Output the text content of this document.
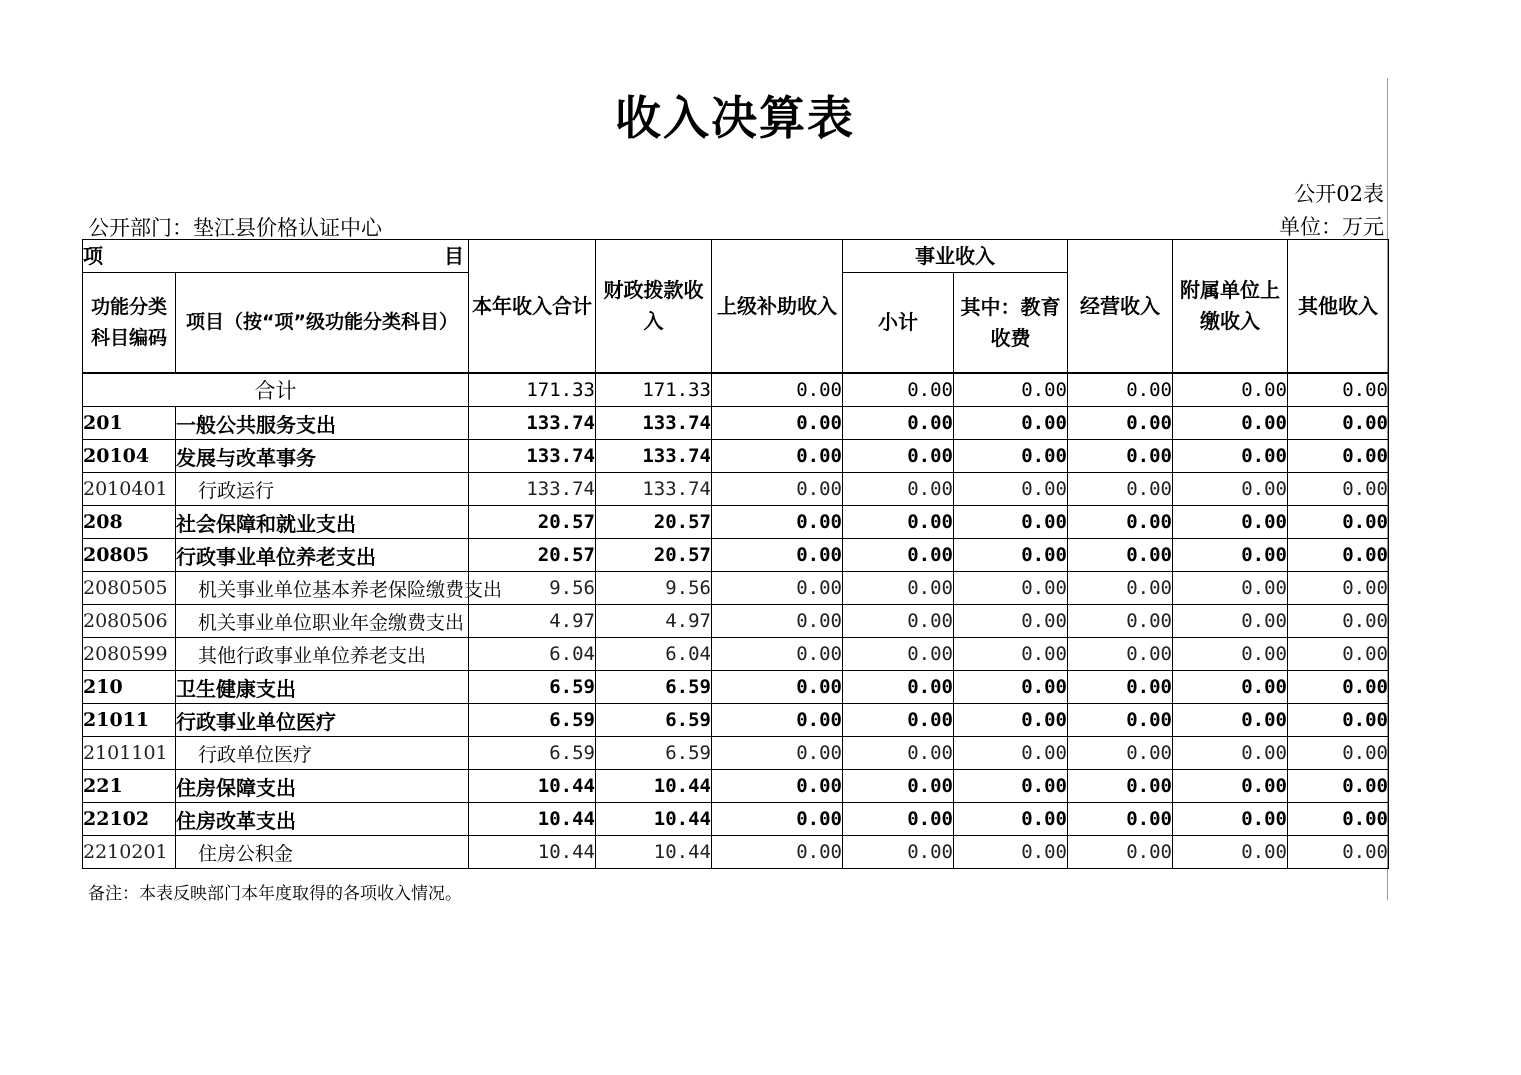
收入决算表
公开02表
公开部门：垫江县价格认证中心	单位：万元
项 目		本年收入合计	财政拨款收入	上级补助收入	事业收入		经营收入	附属单位上缴收入	其他收入
功能分类科目编码	项目（按“项”级功能分类科目）				小计	其中：教育收费			
合计		171.33	171.33	0.00	0.00	0.00	0.00	0.00	0.00
201	一般公共服务支出	133.74	133.74	0.00	0.00	0.00	0.00	0.00	0.00
20104	发展与改革事务	133.74	133.74	0.00	0.00	0.00	0.00	0.00	0.00
2010401	行政运行	133.74	133.74	0.00	0.00	0.00	0.00	0.00	0.00
208	社会保障和就业支出	20.57	20.57	0.00	0.00	0.00	0.00	0.00	0.00
20805	行政事业单位养老支出	20.57	20.57	0.00	0.00	0.00	0.00	0.00	0.00
2080505	机关事业单位基本养老保险缴费支出	9.56	9.56	0.00	0.00	0.00	0.00	0.00	0.00
2080506	机关事业单位职业年金缴费支出	4.97	4.97	0.00	0.00	0.00	0.00	0.00	0.00
2080599	其他行政事业单位养老支出	6.04	6.04	0.00	0.00	0.00	0.00	0.00	0.00
210	卫生健康支出	6.59	6.59	0.00	0.00	0.00	0.00	0.00	0.00
21011	行政事业单位医疗	6.59	6.59	0.00	0.00	0.00	0.00	0.00	0.00
2101101	行政单位医疗	6.59	6.59	0.00	0.00	0.00	0.00	0.00	0.00
221	住房保障支出	10.44	10.44	0.00	0.00	0.00	0.00	0.00	0.00
22102	住房改革支出	10.44	10.44	0.00	0.00	0.00	0.00	0.00	0.00
2210201	住房公积金	10.44	10.44	0.00	0.00	0.00	0.00	0.00	0.00
备注：本表反映部门本年度取得的各项收入情况。
